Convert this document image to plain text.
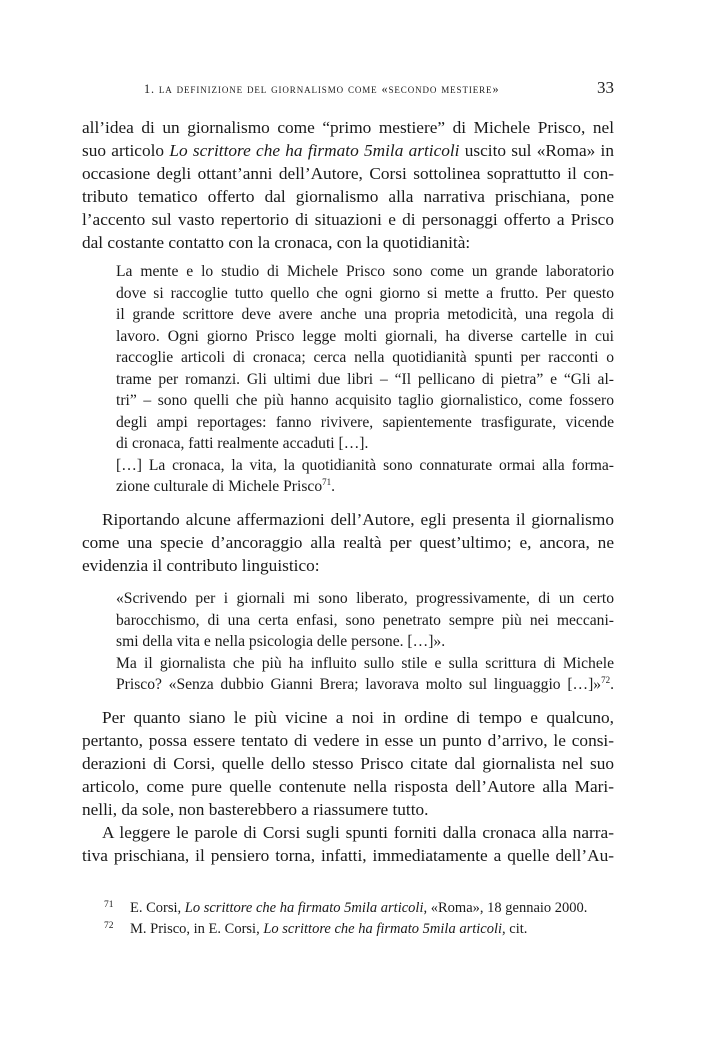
1. la definizione del giornalismo come «secondo mestiere»	33
all’idea di un giornalismo come “primo mestiere” di Michele Prisco, nel
suo articolo Lo scrittore che ha firmato 5mila articoli uscito sul «Roma» in
occasione degli ottant’anni dell’Autore, Corsi sottolinea soprattutto il con-
tributo tematico offerto dal giornalismo alla narrativa prischiana, pone
l’accento sul vasto repertorio di situazioni e di personaggi offerto a Prisco
dal costante contatto con la cronaca, con la quotidianità:
La mente e lo studio di Michele Prisco sono come un grande laboratorio
dove si raccoglie tutto quello che ogni giorno si mette a frutto. Per questo
il grande scrittore deve avere anche una propria metodicità, una regola di
lavoro. Ogni giorno Prisco legge molti giornali, ha diverse cartelle in cui
raccoglie articoli di cronaca; cerca nella quotidianità spunti per racconti o
trame per romanzi. Gli ultimi due libri – “Il pellicano di pietra” e “Gli al-
tri” – sono quelli che più hanno acquisito taglio giornalistico, come fossero
degli ampi reportages: fanno rivivere, sapientemente trasfigurate, vicende
di cronaca, fatti realmente accaduti […].
[…] La cronaca, la vita, la quotidianità sono connaturate ormai alla forma-
zione culturale di Michele Prisco$^{71}$.
Riportando alcune affermazioni dell’Autore, egli presenta il giornalismo
come una specie d’ancoraggio alla realtà per quest’ultimo; e, ancora, ne
evidenzia il contributo linguistico:
«Scrivendo per i giornali mi sono liberato, progressivamente, di un certo
barocchismo, di una certa enfasi, sono penetrato sempre più nei meccani-
smi della vita e nella psicologia delle persone. […]».
Ma il giornalista che più ha influito sullo stile e sulla scrittura di Michele
Prisco? «Senza dubbio Gianni Brera; lavorava molto sul linguaggio […]»$^{72}$.
Per quanto siano le più vicine a noi in ordine di tempo e qualcuno,
pertanto, possa essere tentato di vedere in esse un punto d’arrivo, le consi-
derazioni di Corsi, quelle dello stesso Prisco citate dal giornalista nel suo
articolo, come pure quelle contenute nella risposta dell’Autore alla Mari-
nelli, da sole, non basterebbero a riassumere tutto.
A leggere le parole di Corsi sugli spunti forniti dalla cronaca alla narra-
tiva prischiana, il pensiero torna, infatti, immediatamente a quelle dell’Au-
71 E. Corsi, Lo scrittore che ha firmato 5mila articoli, «Roma», 18 gennaio 2000.
72 M. Prisco, in E. Corsi, Lo scrittore che ha firmato 5mila articoli, cit.
